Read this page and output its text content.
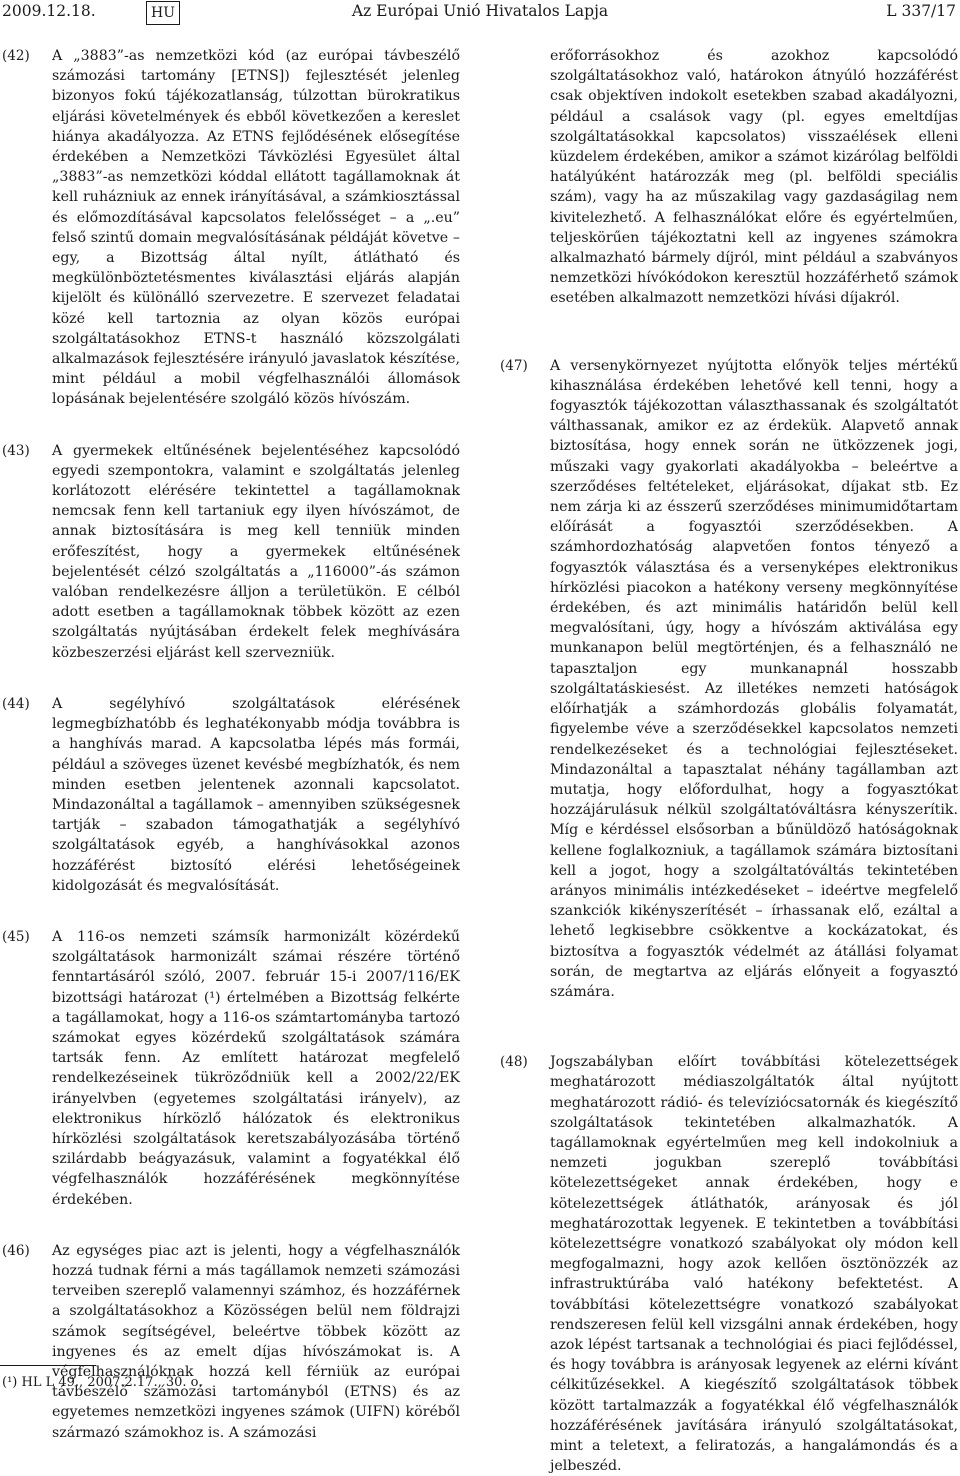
Az Európai Unió Hivatalos Lapja
2009.12.18.	HU	L 337/17

(42) A „3883”-as nemzetközi kód (az európai távbeszélő számozási tartomány [ETNS]) fejlesztését jelenleg bizonyos fokú tájékozatlanság, túlzottan bürokratikus eljárási követelmények és ebből következően a kereslet hiánya akadályozza. Az ETNS fejlődésének elősegítése érdekében a Nemzetközi Távközlési Egyesület által „3883”-as nemzetközi kóddal ellátott tagállamoknak át kell ruházniuk az ennek irányításával, a számkiosztással és előmozdításával kapcsolatos felelősséget – a „.eu” felső szintű domain megvalósításának példáját követve – egy, a Bizottság által nyílt, átlátható és megkülönböztetésmentes kiválasztási eljárás alapján kijelölt és különálló szervezetre. E szervezet feladatai közé kell tartoznia az olyan közös európai szolgáltatásokhoz ETNS-t használó közszolgálati alkalmazások fejlesztésére irányuló javaslatok készítése, mint például a mobil végfelhasználói állomások lopásának bejelentésére szolgáló közös hívószám.

(43) A gyermekek eltűnésének bejelentéséhez kapcsolódó egyedi szempontokra, valamint e szolgáltatás jelenleg korlátozott elérésére tekintettel a tagállamoknak nemcsak fenn kell tartaniuk egy ilyen hívószámot, de annak biztosítására is meg kell tenniük minden erőfeszítést, hogy a gyermekek eltűnésének bejelentését célzó szolgáltatás a „116000”-ás számon valóban rendelkezésre álljon a területükön. E célból adott esetben a tagállamoknak többek között az ezen szolgáltatás nyújtásában érdekelt felek meghívására közbeszerzési eljárást kell szervezniük.

(44) A segélyhívó szolgáltatások elérésének legmegbízhatóbb és leghatékonyabb módja továbbra is a hanghívás marad. A kapcsolatba lépés más formái, például a szöveges üzenet kevésbé megbízhatók, és nem minden esetben jelentenek azonnali kapcsolatot. Mindazonáltal a tagállamok – amennyiben szükségesnek tartják – szabadon támogathatják a segélyhívó szolgáltatások egyéb, a hanghívásokkal azonos hozzáférést biztosító elérési lehetőségeinek kidolgozását és megvalósítását.

(45) A 116-os nemzeti számsík harmonizált közérdekű szolgáltatások harmonizált számai részére történő fenntartásáról szóló, 2007. február 15-i 2007/116/EK bizottsági határozat (¹) értelmében a Bizottság felkérte a tagállamokat, hogy a 116-os számtartományba tartozó számokat egyes közérdekű szolgáltatások számára tartsák fenn. Az említett határozat megfelelő rendelkezéseinek tükröződniük kell a 2002/22/EK irányelvben (egyetemes szolgáltatási irányelv), az elektronikus hírközlő hálózatok és elektronikus hírközlési szolgáltatások keretszabályozásába történő szilárdabb beágyazásuk, valamint a fogyatékkal élő végfelhasználók hozzáférésének megkönnyítése érdekében.

(46) Az egységes piac azt is jelenti, hogy a végfelhasználók hozzá tudnak férni a más tagállamok nemzeti számozási terveiben szereplő valamennyi számhoz, és hozzáférnek a szolgáltatásokhoz a Közösségen belül nem földrajzi számok segítségével, beleértve többek között az ingyenes és az emelt díjas hívószámokat is. A végfelhasználóknak hozzá kell férniük az európai távbeszélő számozási tartományból (ETNS) és az egyetemes nemzetközi ingyenes számok (UIFN) köréből származó számokhoz is. A számozási

erőforrásokhoz és azokhoz kapcsolódó szolgáltatásokhoz való, határokon átnyúló hozzáférést csak objektíven indokolt esetekben szabad akadályozni, például a csalások vagy (pl. egyes emeltdíjas szolgáltatásokkal kapcsolatos) visszaélések elleni küzdelem érdekében, amikor a számot kizárólag belföldi hatályúként határozzák meg (pl. belföldi speciális szám), vagy ha az műszakilag vagy gazdaságilag nem kivitelezhető. A felhasználókat előre és egyértelműen, teljeskörűen tájékoztatni kell az ingyenes számokra alkalmazható bármely díjról, mint például a szabványos nemzetközi hívókódokon keresztül hozzáférhető számok esetében alkalmazott nemzetközi hívási díjakról.

(47) A versenykörnyezet nyújtotta előnyök teljes mértékű kihasználása érdekében lehetővé kell tenni, hogy a fogyasztók tájékozottan választhassanak és szolgáltatót válthassanak, amikor ez az érdekük. Alapvető annak biztosítása, hogy ennek során ne ütközzenek jogi, műszaki vagy gyakorlati akadályokba – beleértve a szerződéses feltételeket, eljárásokat, díjakat stb. Ez nem zárja ki az ésszerű szerződéses minimumidőtartam előírását a fogyasztói szerződésekben. A számhordozhatóság alapvetően fontos tényező a fogyasztók választása és a versenyképes elektronikus hírközlési piacokon a hatékony verseny megkönnyítése érdekében, és azt minimális határidőn belül kell megvalósítani, úgy, hogy a hívószám aktiválása egy munkanapon belül megtörténjen, és a felhasználó ne tapasztaljon egy munkanapnál hosszabb szolgáltatáskiesést. Az illetékes nemzeti hatóságok előírhatják a számhordozás globális folyamatát, figyelembe véve a szerződésekkel kapcsolatos nemzeti rendelkezéseket és a technológiai fejlesztéseket. Mindazonáltal a tapasztalat néhány tagállamban azt mutatja, hogy előfordulhat, hogy a fogyasztókat hozzájárulásuk nélkül szolgáltatóváltásra kényszerítik. Míg e kérdéssel elsősorban a bűnüldöző hatóságoknak kellene foglalkozniuk, a tagállamok számára biztosítani kell a jogot, hogy a szolgáltatóváltás tekintetében arányos minimális intézkedéseket – ideértve megfelelő szankciók kikényszerítését – írhassanak elő, ezáltal a lehető legkisebbre csökkentve a kockázatokat, és biztosítva a fogyasztók védelmét az átállási folyamat során, de megtartva az eljárás előnyeit a fogyasztó számára.

(48) Jogszabályban előírt továbbítási kötelezettségek meghatározott médiaszolgáltatók által nyújtott meghatározott rádió- és televíziócsatornák és kiegészítő szolgáltatások tekintetében alkalmazhatók. A tagállamoknak egyértelműen meg kell indokolniuk a nemzeti jogukban szereplő továbbítási kötelezettségeket annak érdekében, hogy e kötelezettségek átláthatók, arányosak és jól meghatározottak legyenek. E tekintetben a továbbítási kötelezettségre vonatkozó szabályokat oly módon kell megfogalmazni, hogy azok kellően ösztönözzék az infrastruktúrába való hatékony befektetést. A továbbítási kötelezettségre vonatkozó szabályokat rendszeresen felül kell vizsgálni annak érdekében, hogy azok lépést tartsanak a technológiai és piaci fejlődéssel, és hogy továbbra is arányosak legyenek az elérni kívánt célkitűzésekkel. A kiegészítő szolgáltatások többek között tartalmazzák a fogyatékkal élő végfelhasználók hozzáférésének javítására irányuló szolgáltatásokat, mint a teletext, a feliratozás, a hangalámondás és a jelbeszéd.

(¹) HL L 49., 2007.2.17., 30. o.
